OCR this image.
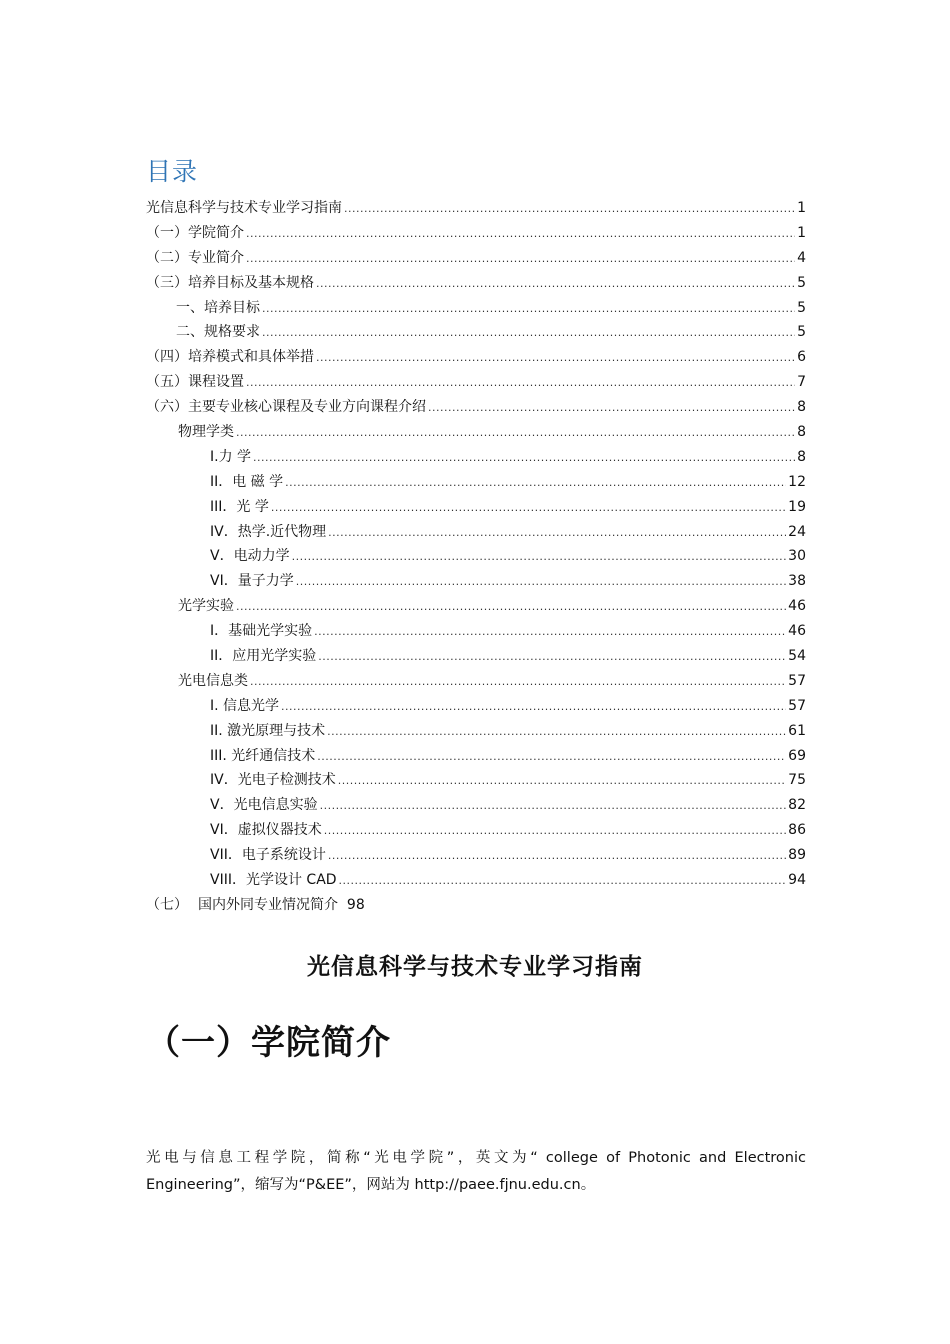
目录
光信息科学与技术专业学习指南 .....	1
（一）学院简介 .....	1
（二）专业简介 .....	4
（三）培养目标及基本规格 .....	5
一、培养目标 .....	5
二、规格要求 .....	5
（四）培养模式和具体举措 .....	6
（五）课程设置 .....	7
（六）主要专业核心课程及专业方向课程介绍 .....	8
物理学类 .....	8
I.力 学 .....	8
II．电 磁 学 .....	12
III．光 学 .....	19
IV．热学.近代物理 .....	24
V．电动力学 .....	30
VI．量子力学 .....	38
光学实验 .....	46
I．基础光学实验 .....	46
II．应用光学实验 .....	54
光电信息类 .....	57
I. 信息光学 .....	57
II. 激光原理与技术 .....	61
III. 光纤通信技术 .....	69
IV．光电子检测技术 .....	75
V．光电信息实验 .....	82
VI．虚拟仪器技术 .....	86
VII．电子系统设计 .....	89
VIII．光学设计 CAD .....	94
（七） 国内外同专业情况简介 98
光信息科学与技术专业学习指南
（一）学院简介
光电与信息工程学院，简称“光电学院”，英文为“ college of Photonic and Electronic Engineering”，缩写为“P&EE”，网站为 http://paee.fjnu.edu.cn。
